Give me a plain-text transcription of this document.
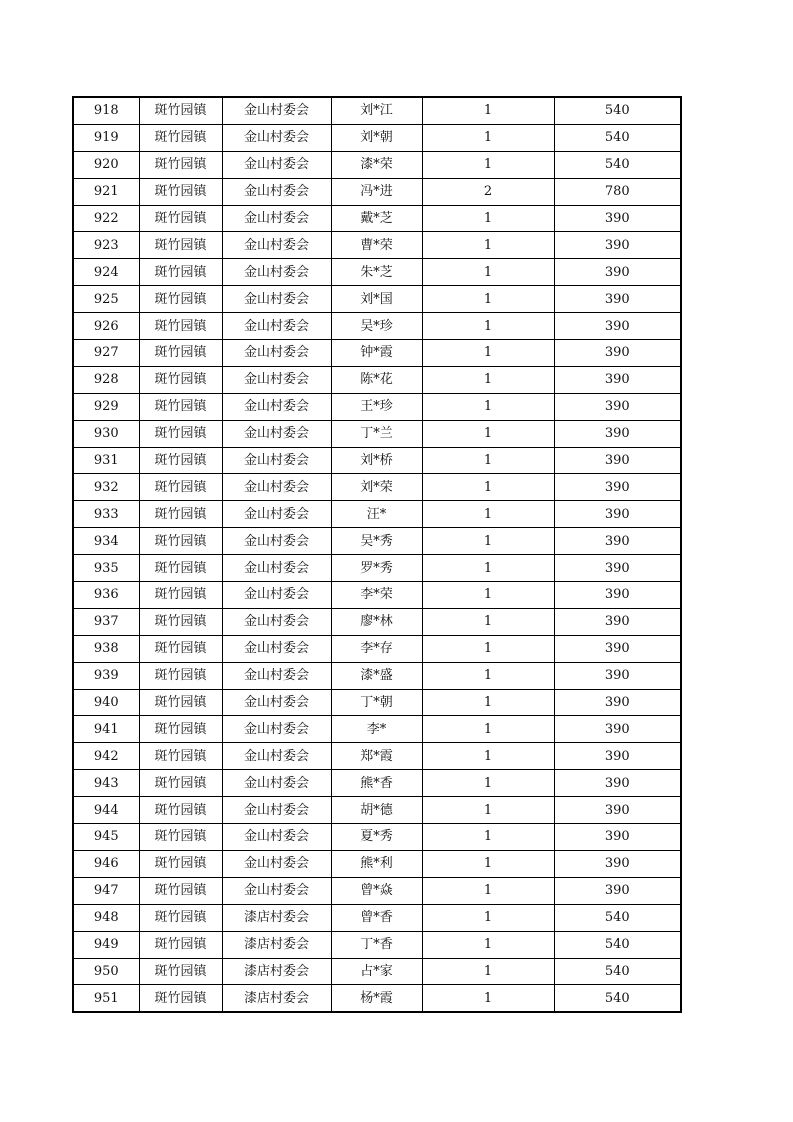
918	斑竹园镇	金山村委会	刘*江	1	540
919	斑竹园镇	金山村委会	刘*朝	1	540
920	斑竹园镇	金山村委会	漆*荣	1	540
921	斑竹园镇	金山村委会	冯*进	2	780
922	斑竹园镇	金山村委会	戴*芝	1	390
923	斑竹园镇	金山村委会	曹*荣	1	390
924	斑竹园镇	金山村委会	朱*芝	1	390
925	斑竹园镇	金山村委会	刘*国	1	390
926	斑竹园镇	金山村委会	吴*珍	1	390
927	斑竹园镇	金山村委会	钟*霞	1	390
928	斑竹园镇	金山村委会	陈*花	1	390
929	斑竹园镇	金山村委会	王*珍	1	390
930	斑竹园镇	金山村委会	丁*兰	1	390
931	斑竹园镇	金山村委会	刘*桥	1	390
932	斑竹园镇	金山村委会	刘*荣	1	390
933	斑竹园镇	金山村委会	汪*	1	390
934	斑竹园镇	金山村委会	吴*秀	1	390
935	斑竹园镇	金山村委会	罗*秀	1	390
936	斑竹园镇	金山村委会	李*荣	1	390
937	斑竹园镇	金山村委会	廖*林	1	390
938	斑竹园镇	金山村委会	李*存	1	390
939	斑竹园镇	金山村委会	漆*盛	1	390
940	斑竹园镇	金山村委会	丁*朝	1	390
941	斑竹园镇	金山村委会	李*	1	390
942	斑竹园镇	金山村委会	郑*霞	1	390
943	斑竹园镇	金山村委会	熊*香	1	390
944	斑竹园镇	金山村委会	胡*德	1	390
945	斑竹园镇	金山村委会	夏*秀	1	390
946	斑竹园镇	金山村委会	熊*利	1	390
947	斑竹园镇	金山村委会	曾*焱	1	390
948	斑竹园镇	漆店村委会	曾*香	1	540
949	斑竹园镇	漆店村委会	丁*香	1	540
950	斑竹园镇	漆店村委会	占*家	1	540
951	斑竹园镇	漆店村委会	杨*霞	1	540
